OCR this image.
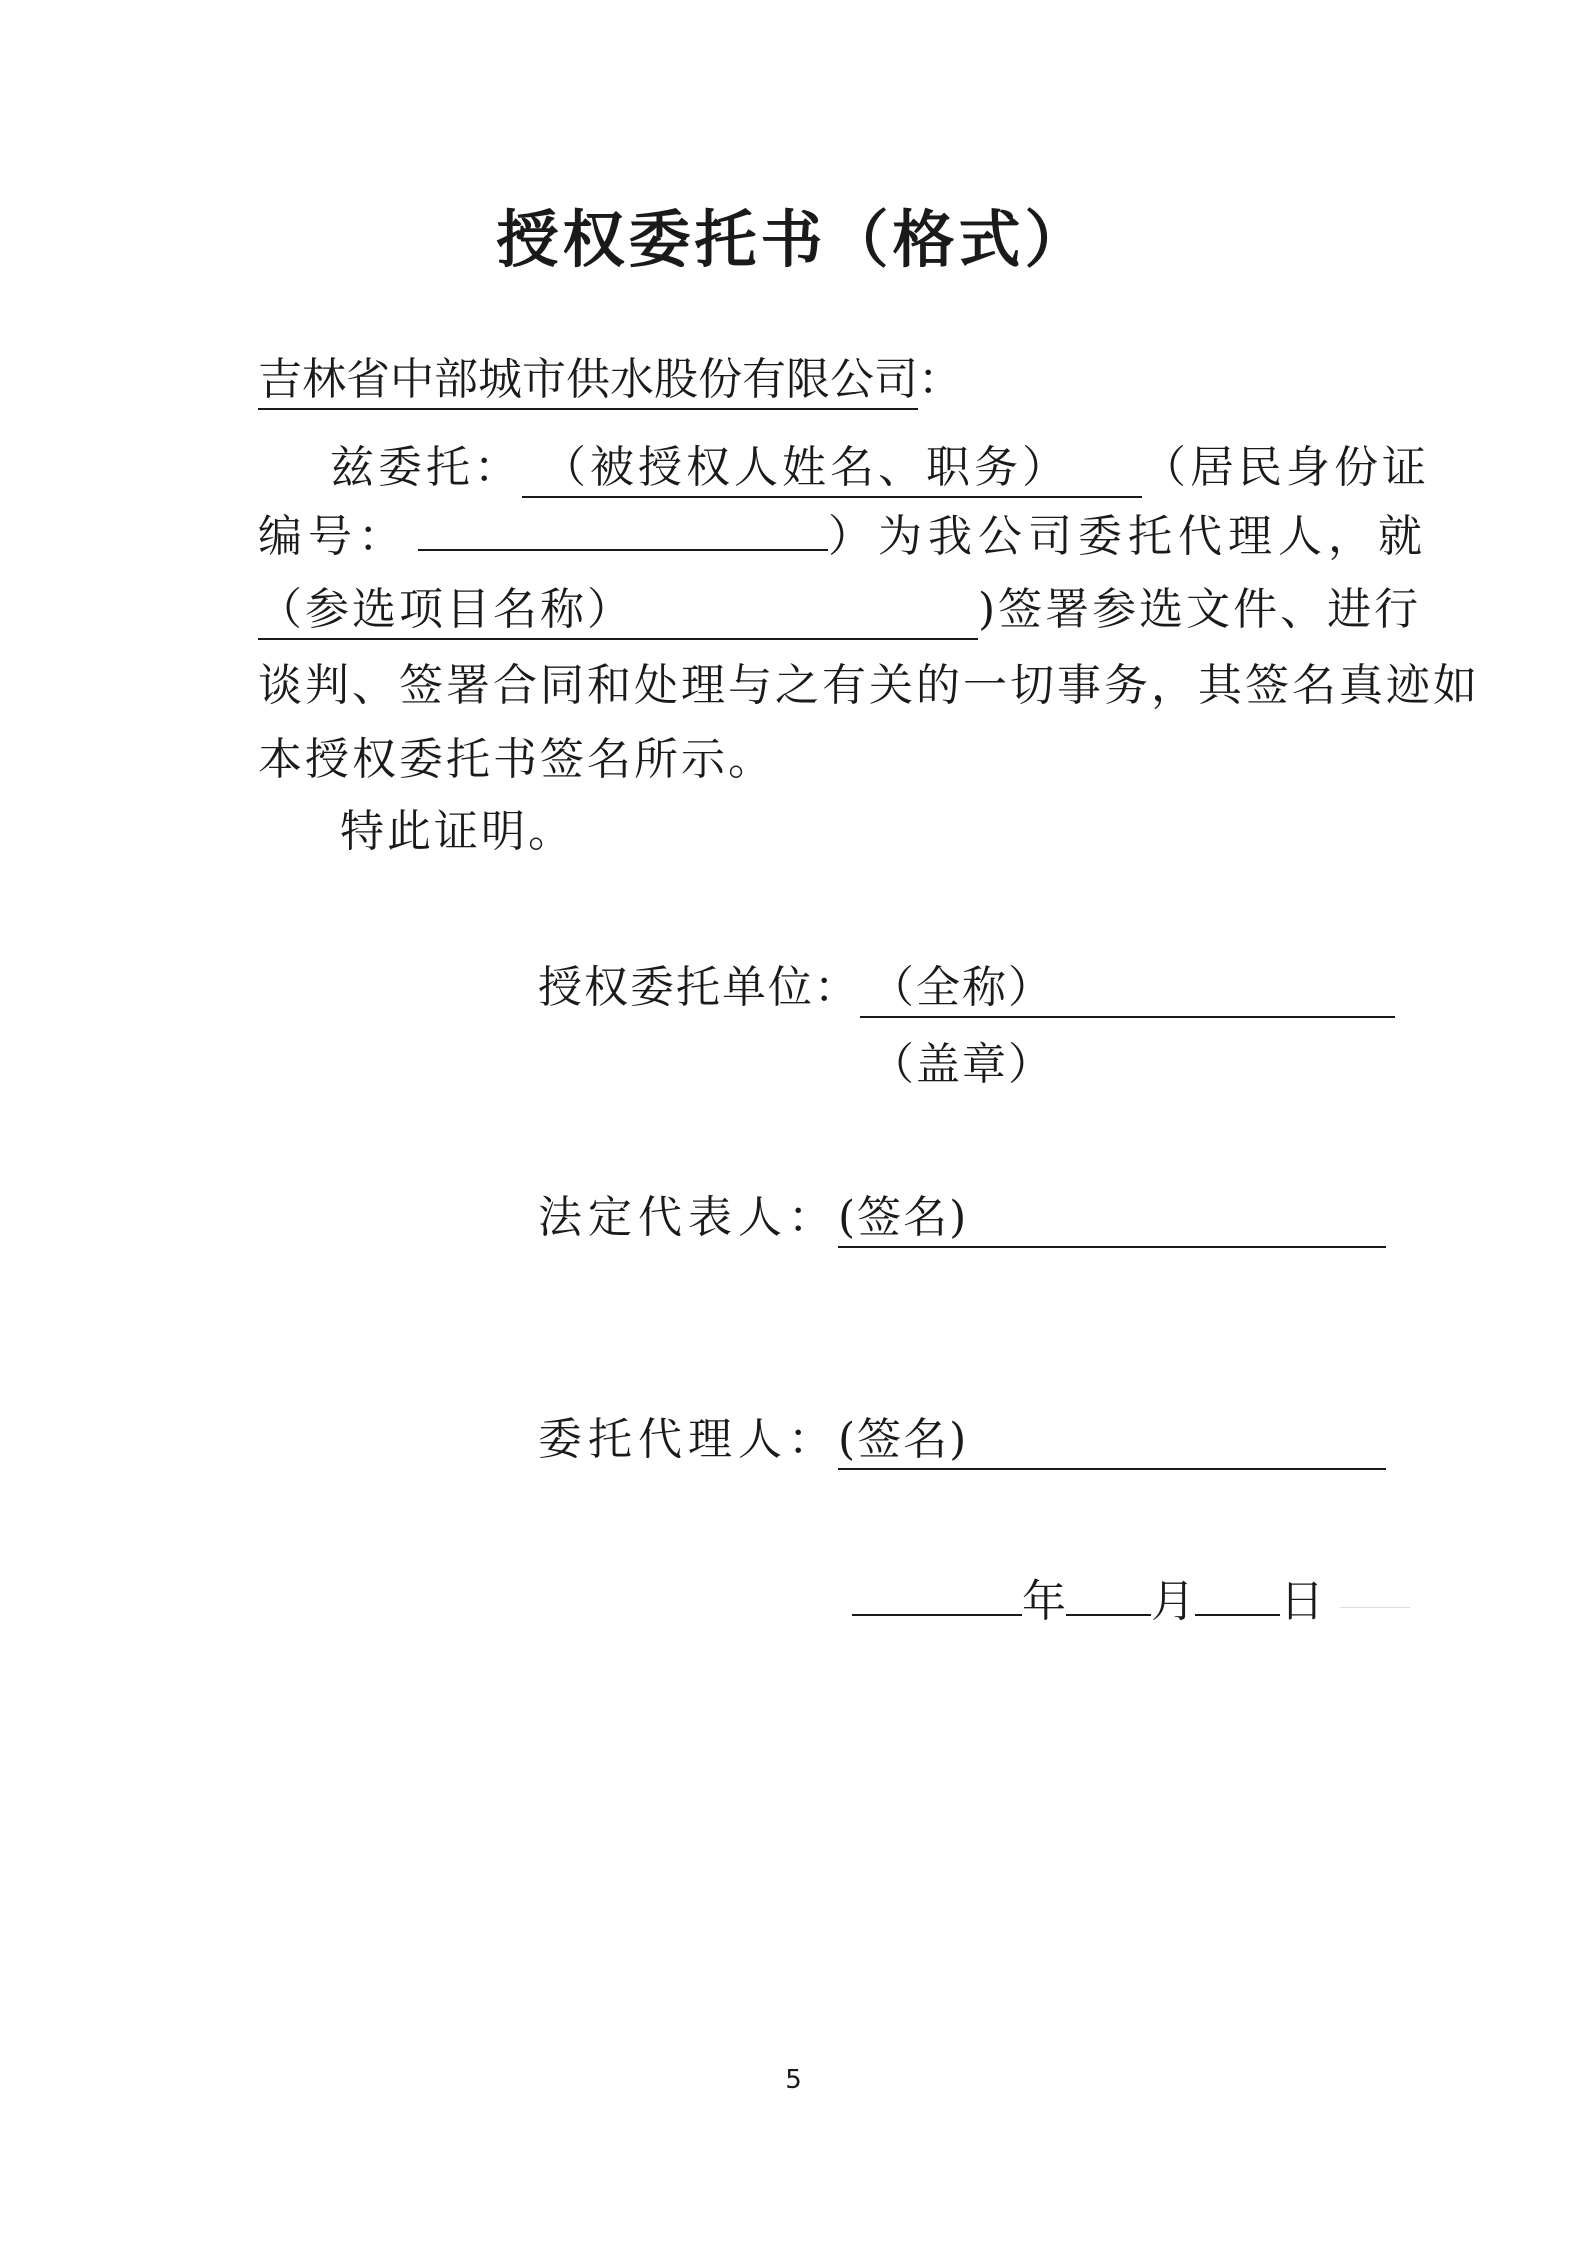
授权委托书（格式）
吉林省中部城市供水股份有限公司：
兹委托： （被授权人姓名、职务） （居民身份证
编号：	）为我公司委托代理人，就
（参选项目名称）	)签署参选文件、进行
谈判、签署合同和处理与之有关的一切事务，其签名真迹如
本授权委托书签名所示。
特此证明。
授权委托单位： （全称）
（盖章）
法定代表人：(签名)
委托代理人：(签名)
年 月 日
5
